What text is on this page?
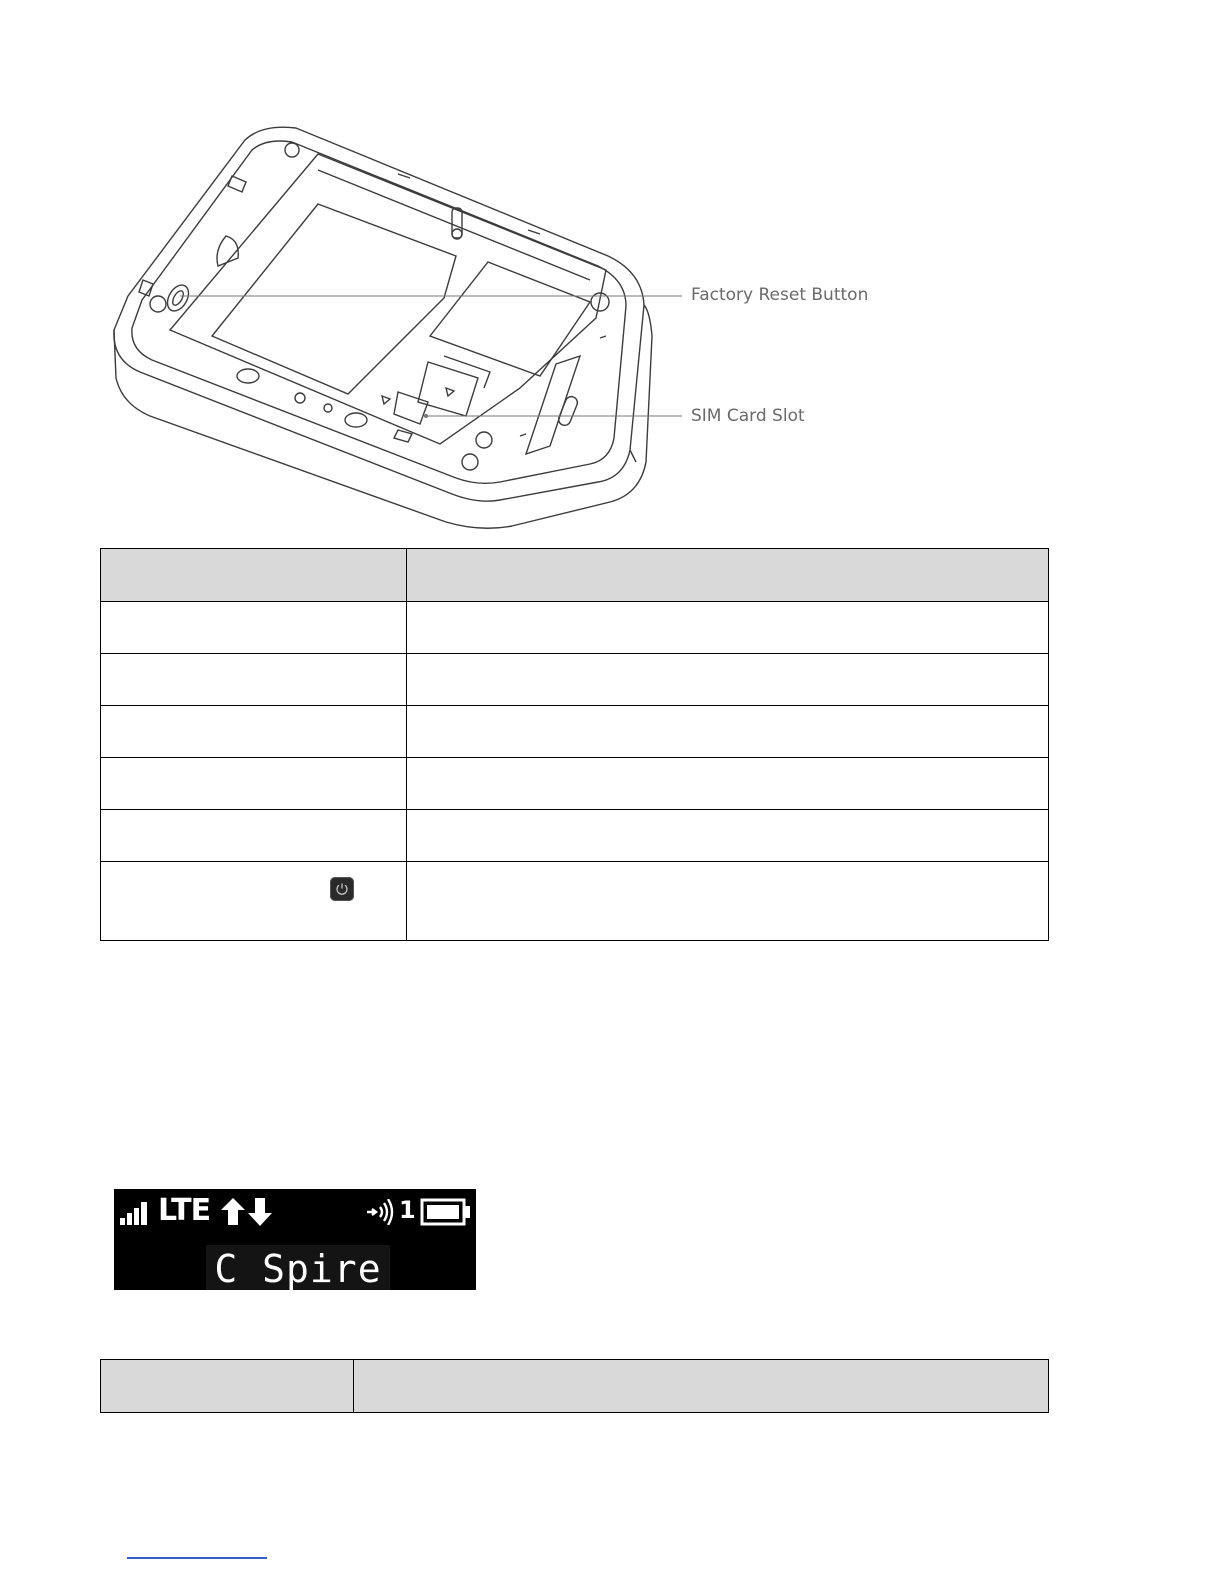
Factory Reset Button
SIM Card Slot

LTE	1
C Spire
